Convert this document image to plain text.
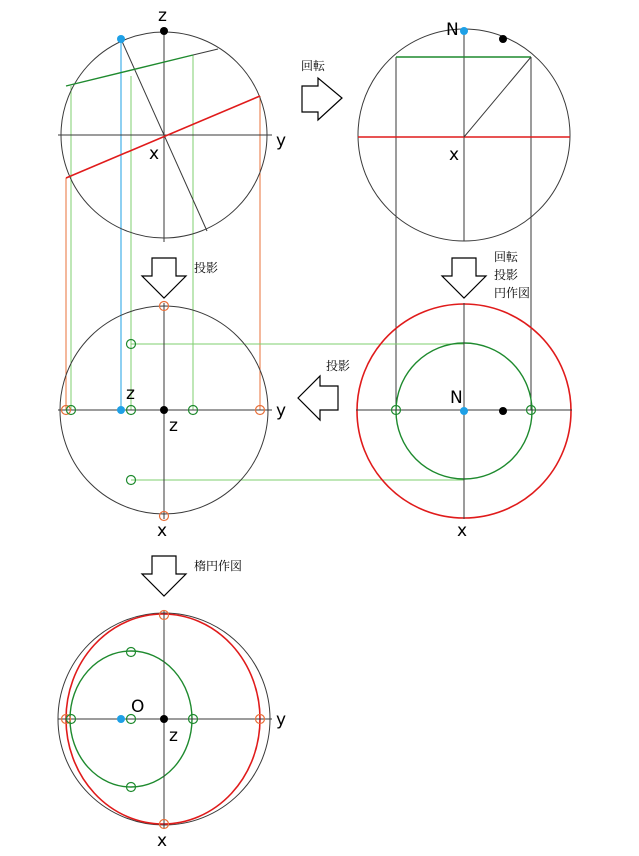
z
y
x
回転
N
x
投影
回転
投影
円作図
z
z
y
x
投影
N
x
楕円作図
O
z
y
x
